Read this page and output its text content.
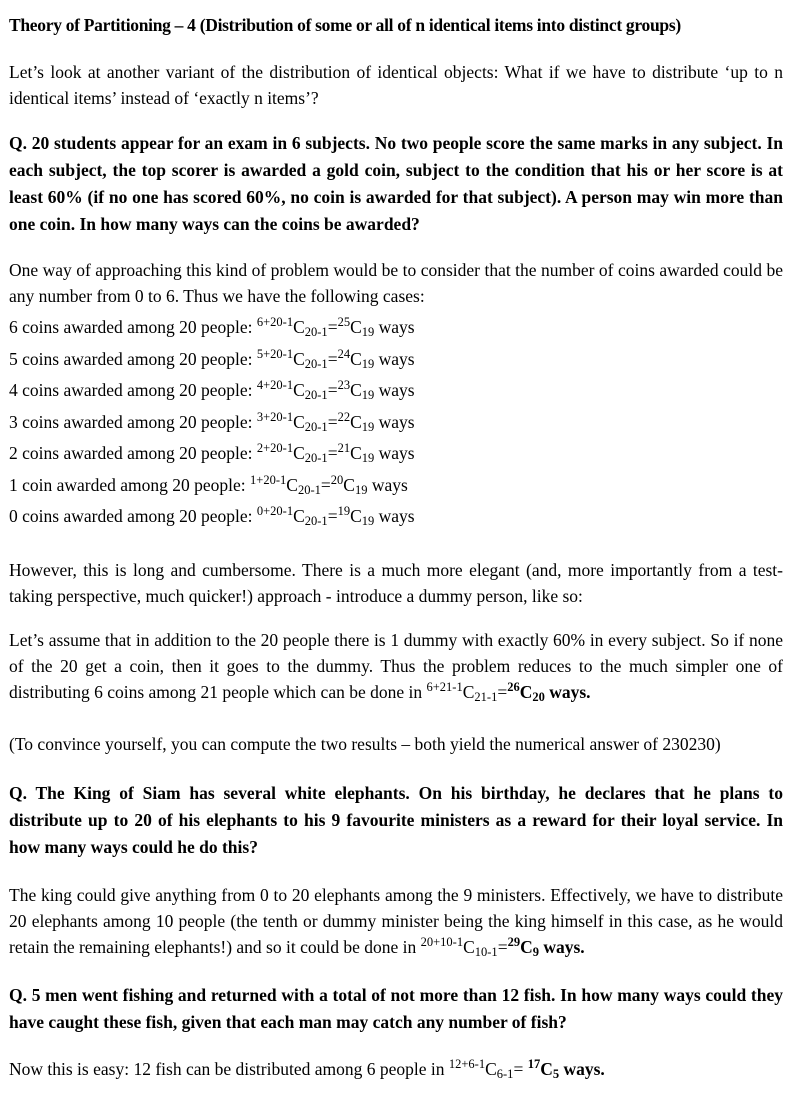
Theory of Partitioning – 4 (Distribution of some or all of n identical items into distinct groups)

Let’s look at another variant of the distribution of identical objects: What if we have to distribute ‘up to n identical items’ instead of ‘exactly n items’?

Q. 20 students appear for an exam in 6 subjects. No two people score the same marks in any subject. In each subject, the top scorer is awarded a gold coin, subject to the condition that his or her score is at least 60% (if no one has scored 60%, no coin is awarded for that subject). A person may win more than one coin. In how many ways can the coins be awarded?

One way of approaching this kind of problem would be to consider that the number of coins awarded could be any number from 0 to 6. Thus we have the following cases:

6 coins awarded among 20 people: $^{6+20-1}$C20-1=$^{25}$C19 ways

5 coins awarded among 20 people: $^{5+20-1}$C20-1=$^{24}$C19 ways

4 coins awarded among 20 people: $^{4+20-1}$C20-1=$^{23}$C19 ways

3 coins awarded among 20 people: $^{3+20-1}$C20-1=$^{22}$C19 ways

2 coins awarded among 20 people: $^{2+20-1}$C20-1=$^{21}$C19 ways

1 coin awarded among 20 people: $^{1+20-1}$C20-1=$^{20}$C19 ways

0 coins awarded among 20 people: $^{0+20-1}$C20-1=$^{19}$C19 ways

However, this is long and cumbersome. There is a much more elegant (and, more importantly from a test-taking perspective, much quicker!) approach - introduce a dummy person, like so:

Let’s assume that in addition to the 20 people there is 1 dummy with exactly 60% in every subject. So if none of the 20 get a coin, then it goes to the dummy. Thus the problem reduces to the much simpler one of distributing 6 coins among 21 people which can be done in $^{6+21-1}$C21-1=$^{26}$C20 ways.

(To convince yourself, you can compute the two results – both yield the numerical answer of 230230)

Q. The King of Siam has several white elephants. On his birthday, he declares that he plans to distribute up to 20 of his elephants to his 9 favourite ministers as a reward for their loyal service. In how many ways could he do this?

The king could give anything from 0 to 20 elephants among the 9 ministers. Effectively, we have to distribute 20 elephants among 10 people (the tenth or dummy minister being the king himself in this case, as he would retain the remaining elephants!) and so it could be done in $^{20+10-1}$C10-1=$^{29}$C9 ways.

Q. 5 men went fishing and returned with a total of not more than 12 fish. In how many ways could they have caught these fish, given that each man may catch any number of fish?

Now this is easy: 12 fish can be distributed among 6 people in $^{12+6-1}$C6-1= $^{17}$C5 ways.
